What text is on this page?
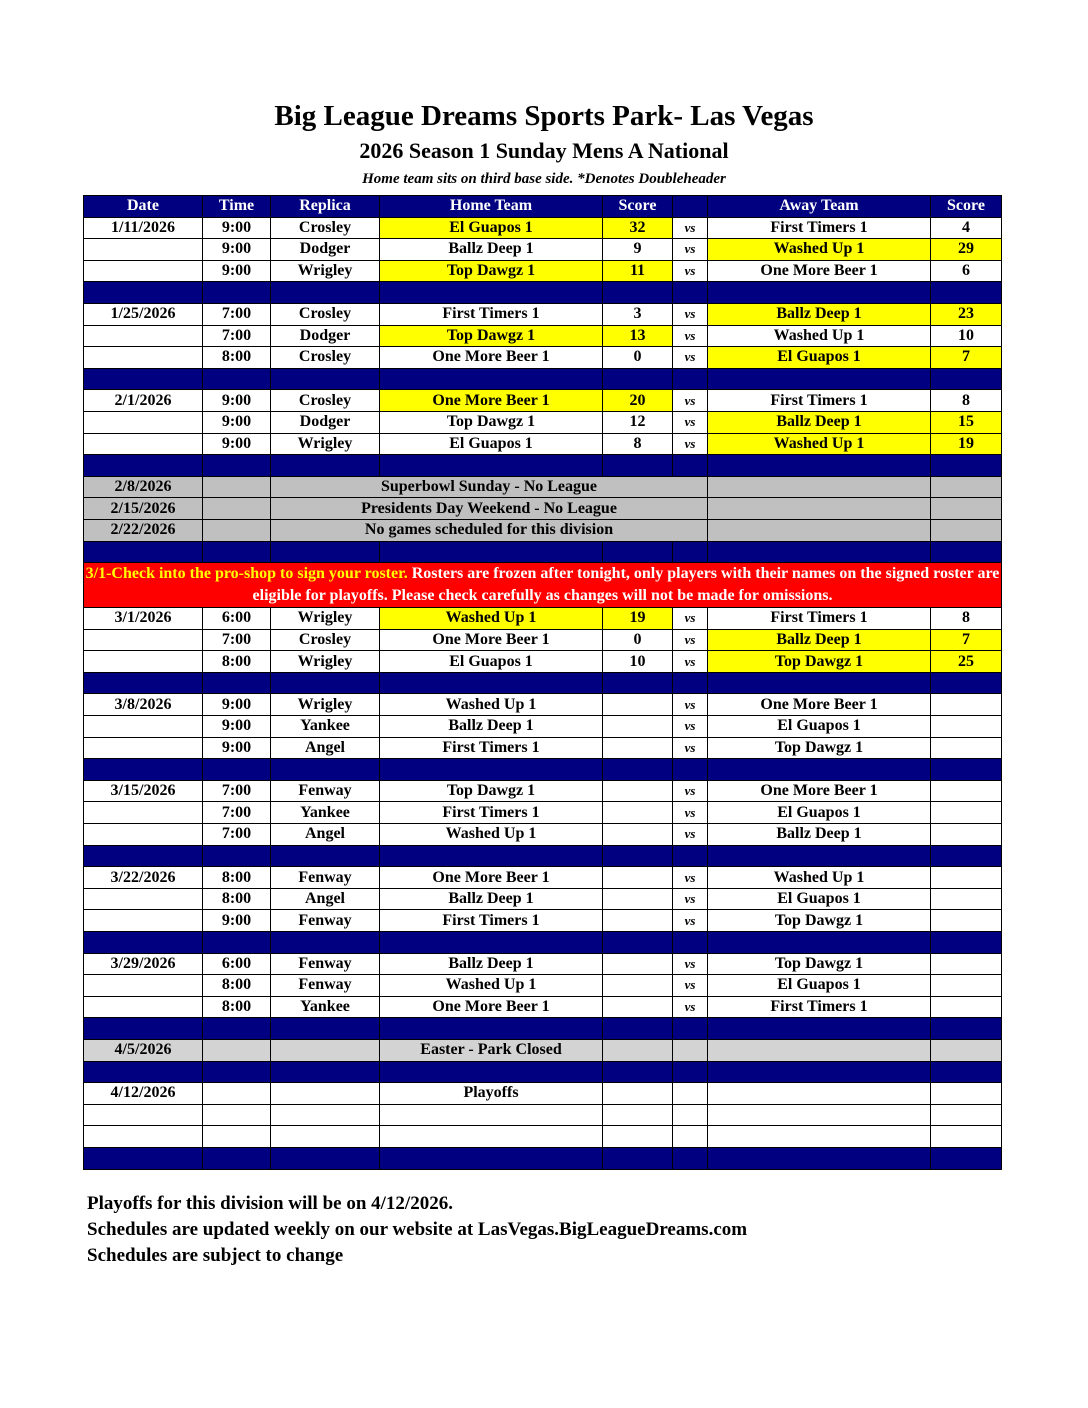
Big League Dreams Sports Park- Las Vegas
2026 Season 1 Sunday Mens A National
Home team sits on third base side. *Denotes Doubleheader
Date	Time	Replica	Home Team	Score		Away Team	Score
1/11/2026	9:00	Crosley	El Guapos 1	32	vs	First Timers 1	4
	9:00	Dodger	Ballz Deep 1	9	vs	Washed Up 1	29
	9:00	Wrigley	Top Dawgz 1	11	vs	One More Beer 1	6

1/25/2026	7:00	Crosley	First Timers 1	3	vs	Ballz Deep 1	23
	7:00	Dodger	Top Dawgz 1	13	vs	Washed Up 1	10
	8:00	Crosley	One More Beer 1	0	vs	El Guapos 1	7

2/1/2026	9:00	Crosley	One More Beer 1	20	vs	First Timers 1	8
	9:00	Dodger	Top Dawgz 1	12	vs	Ballz Deep 1	15
	9:00	Wrigley	El Guapos 1	8	vs	Washed Up 1	19

2/8/2026		Superbowl Sunday - No League					
2/15/2026		Presidents Day Weekend - No League					
2/22/2026		No games scheduled for this division					

3/1-Check into the pro-shop to sign your roster. Rosters are frozen after tonight, only players with their names on the signed roster are eligible for playoffs. Please check carefully as changes will not be made for omissions.							
3/1/2026	6:00	Wrigley	Washed Up 1	19	vs	First Timers 1	8
	7:00	Crosley	One More Beer 1	0	vs	Ballz Deep 1	7
	8:00	Wrigley	El Guapos 1	10	vs	Top Dawgz 1	25

3/8/2026	9:00	Wrigley	Washed Up 1		vs	One More Beer 1	
	9:00	Yankee	Ballz Deep 1		vs	El Guapos 1	
	9:00	Angel	First Timers 1		vs	Top Dawgz 1	

3/15/2026	7:00	Fenway	Top Dawgz 1		vs	One More Beer 1	
	7:00	Yankee	First Timers 1		vs	El Guapos 1	
	7:00	Angel	Washed Up 1		vs	Ballz Deep 1	

3/22/2026	8:00	Fenway	One More Beer 1		vs	Washed Up 1	
	8:00	Angel	Ballz Deep 1		vs	El Guapos 1	
	9:00	Fenway	First Timers 1		vs	Top Dawgz 1	

3/29/2026	6:00	Fenway	Ballz Deep 1		vs	Top Dawgz 1	
	8:00	Fenway	Washed Up 1		vs	El Guapos 1	
	8:00	Yankee	One More Beer 1		vs	First Timers 1	

4/5/2026			Easter - Park Closed				

4/12/2026			Playoffs				

Playoffs for this division will be on 4/12/2026.
Schedules are updated weekly on our website at LasVegas.BigLeagueDreams.com
Schedules are subject to change
